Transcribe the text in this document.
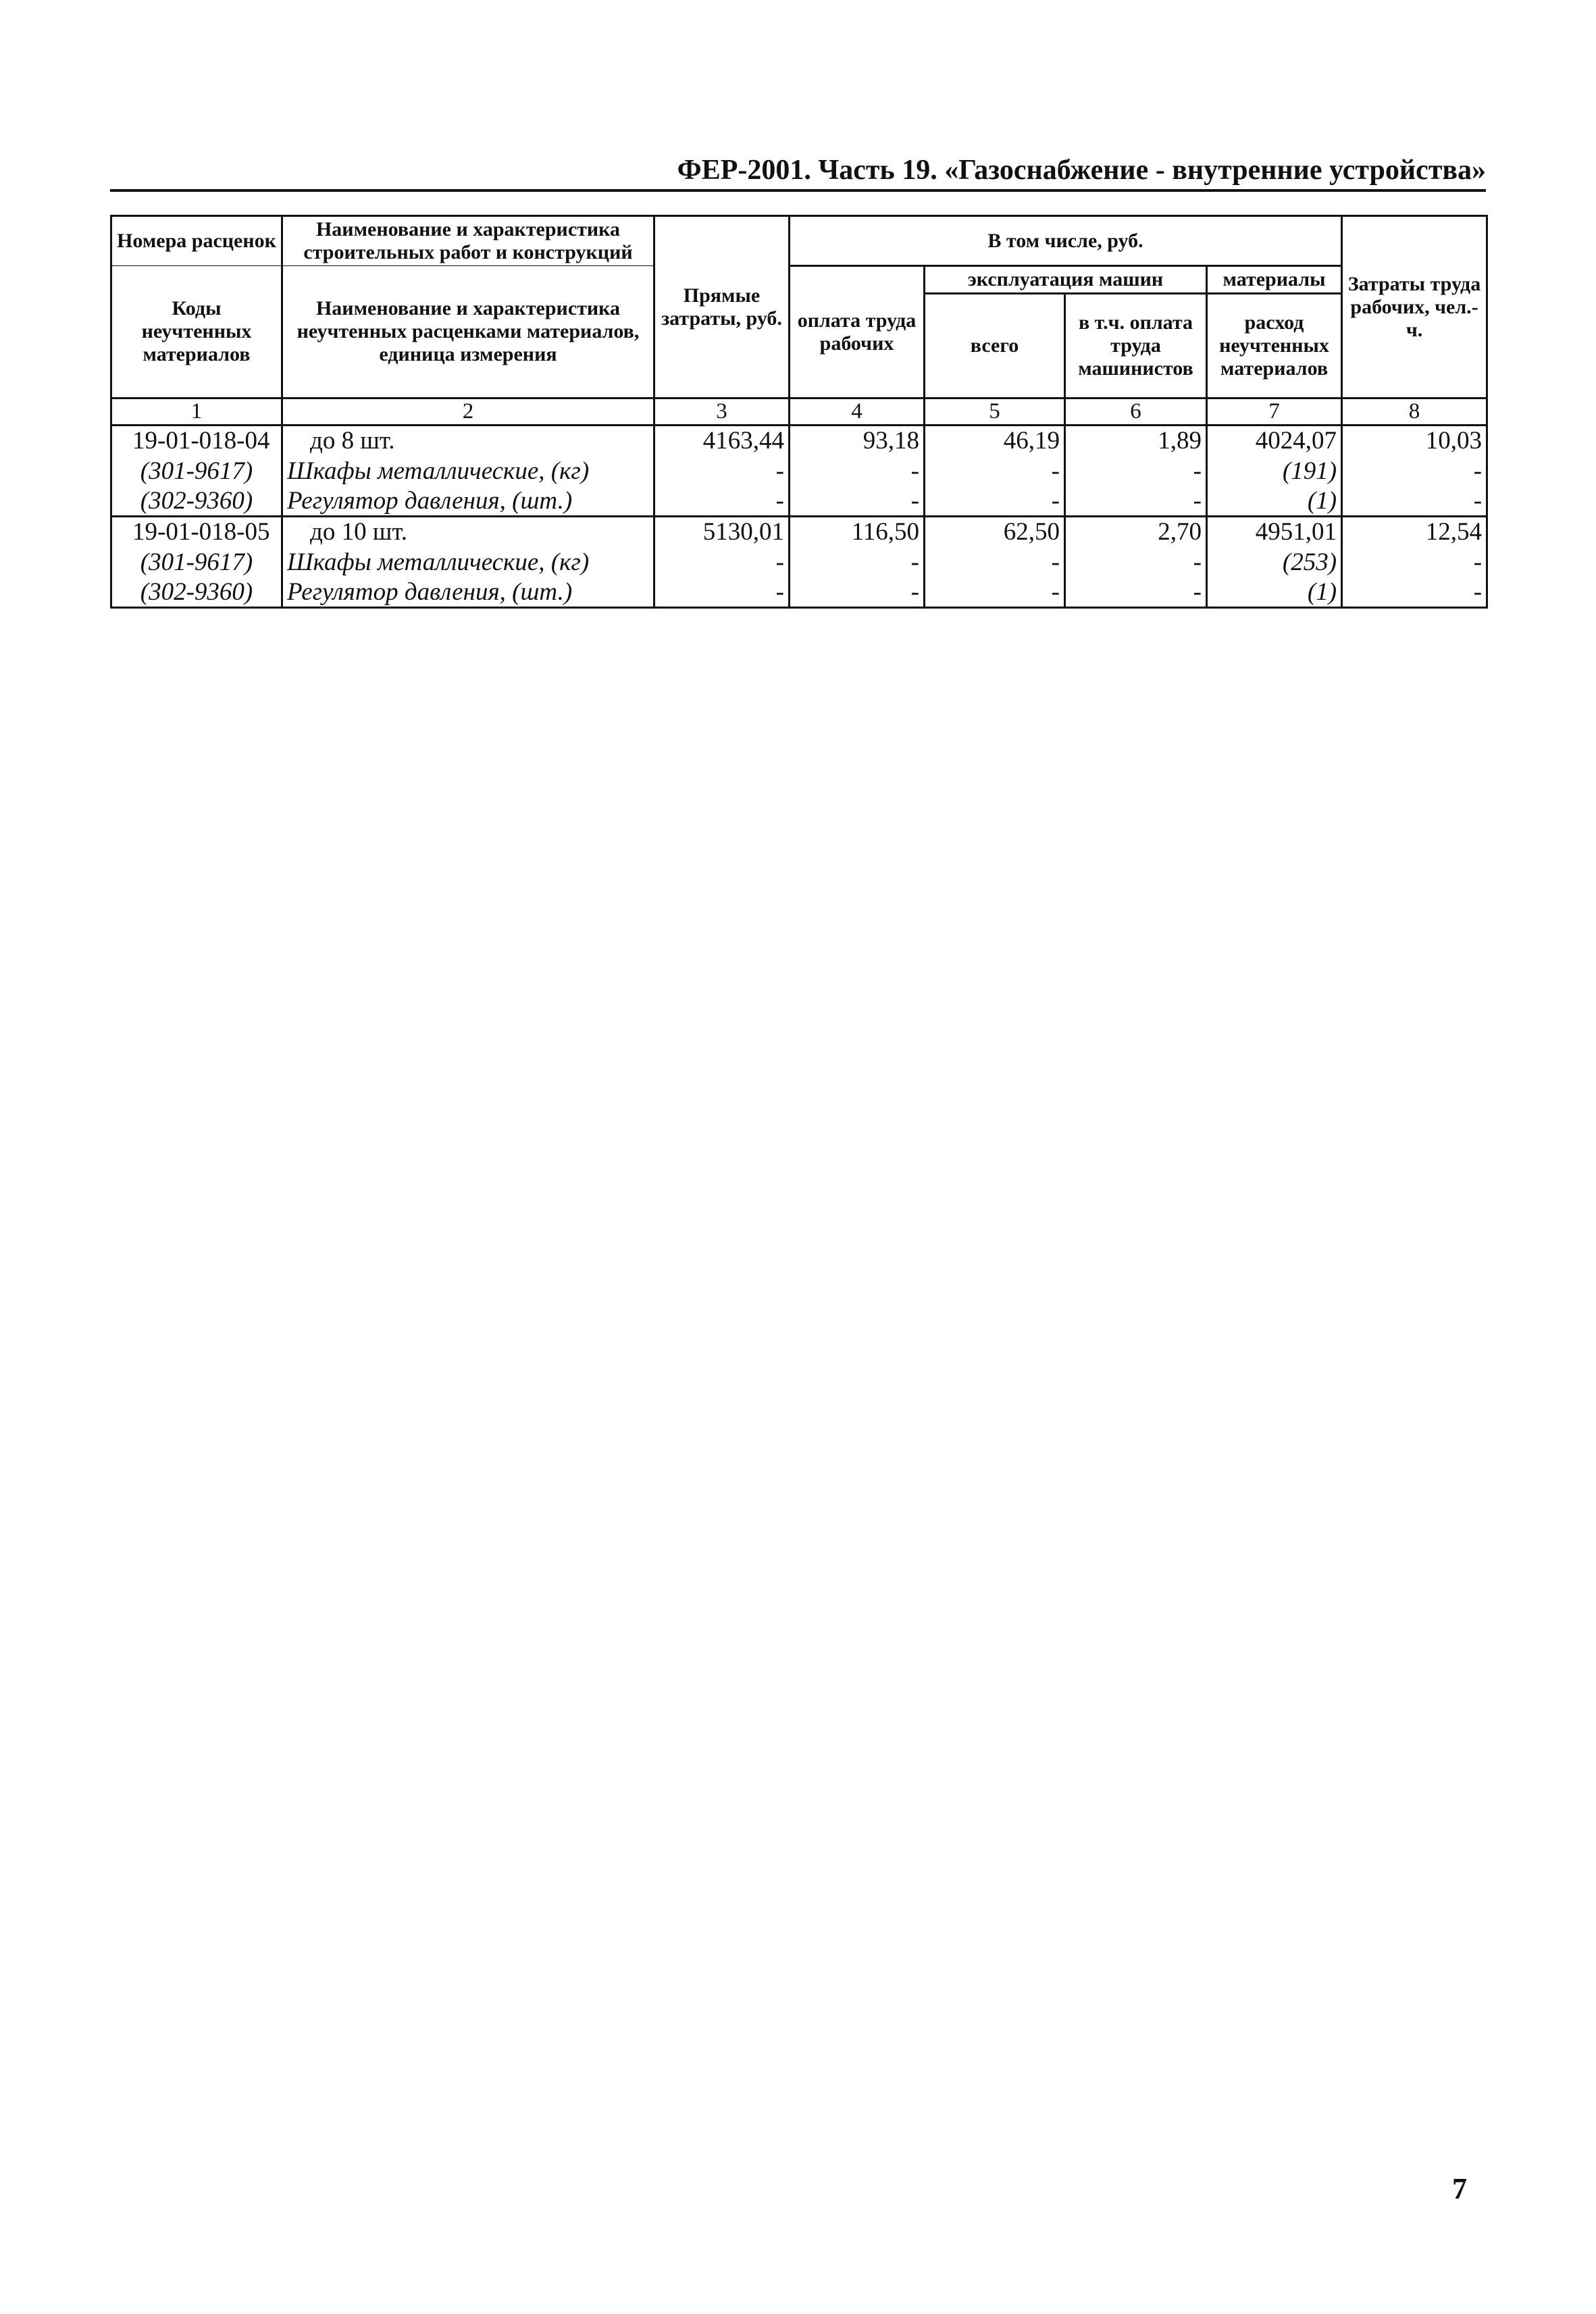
ФЕР-2001. Часть 19. «Газоснабжение - внутренние устройства»
Номера расценок	Наименование и характеристика строительных работ и конструкций	Прямые затраты, руб.	В том числе, руб.				Затраты труда рабочих, чел.-ч.
Коды неучтенных материалов	Наименование и характеристика неучтенных расценками материалов, единица измерения		оплата труда рабочих	эксплуатация машин		материалы	
				всего	в т.ч. оплата труда машинистов	расход неучтенных материалов	

1	2	3	4	5	6	7	8
19-01-018-04	до 8 шт.	4163,44	93,18	46,19	1,89	4024,07	10,03
(301-9617)	Шкафы металлические, (кг)	-	-	-	-	(191)	-
(302-9360)	Регулятор давления, (шт.)	-	-	-	-	(1)	-
19-01-018-05	до 10 шт.	5130,01	116,50	62,50	2,70	4951,01	12,54
(301-9617)	Шкафы металлические, (кг)	-	-	-	-	(253)	-
(302-9360)	Регулятор давления, (шт.)	-	-	-	-	(1)	-
7
